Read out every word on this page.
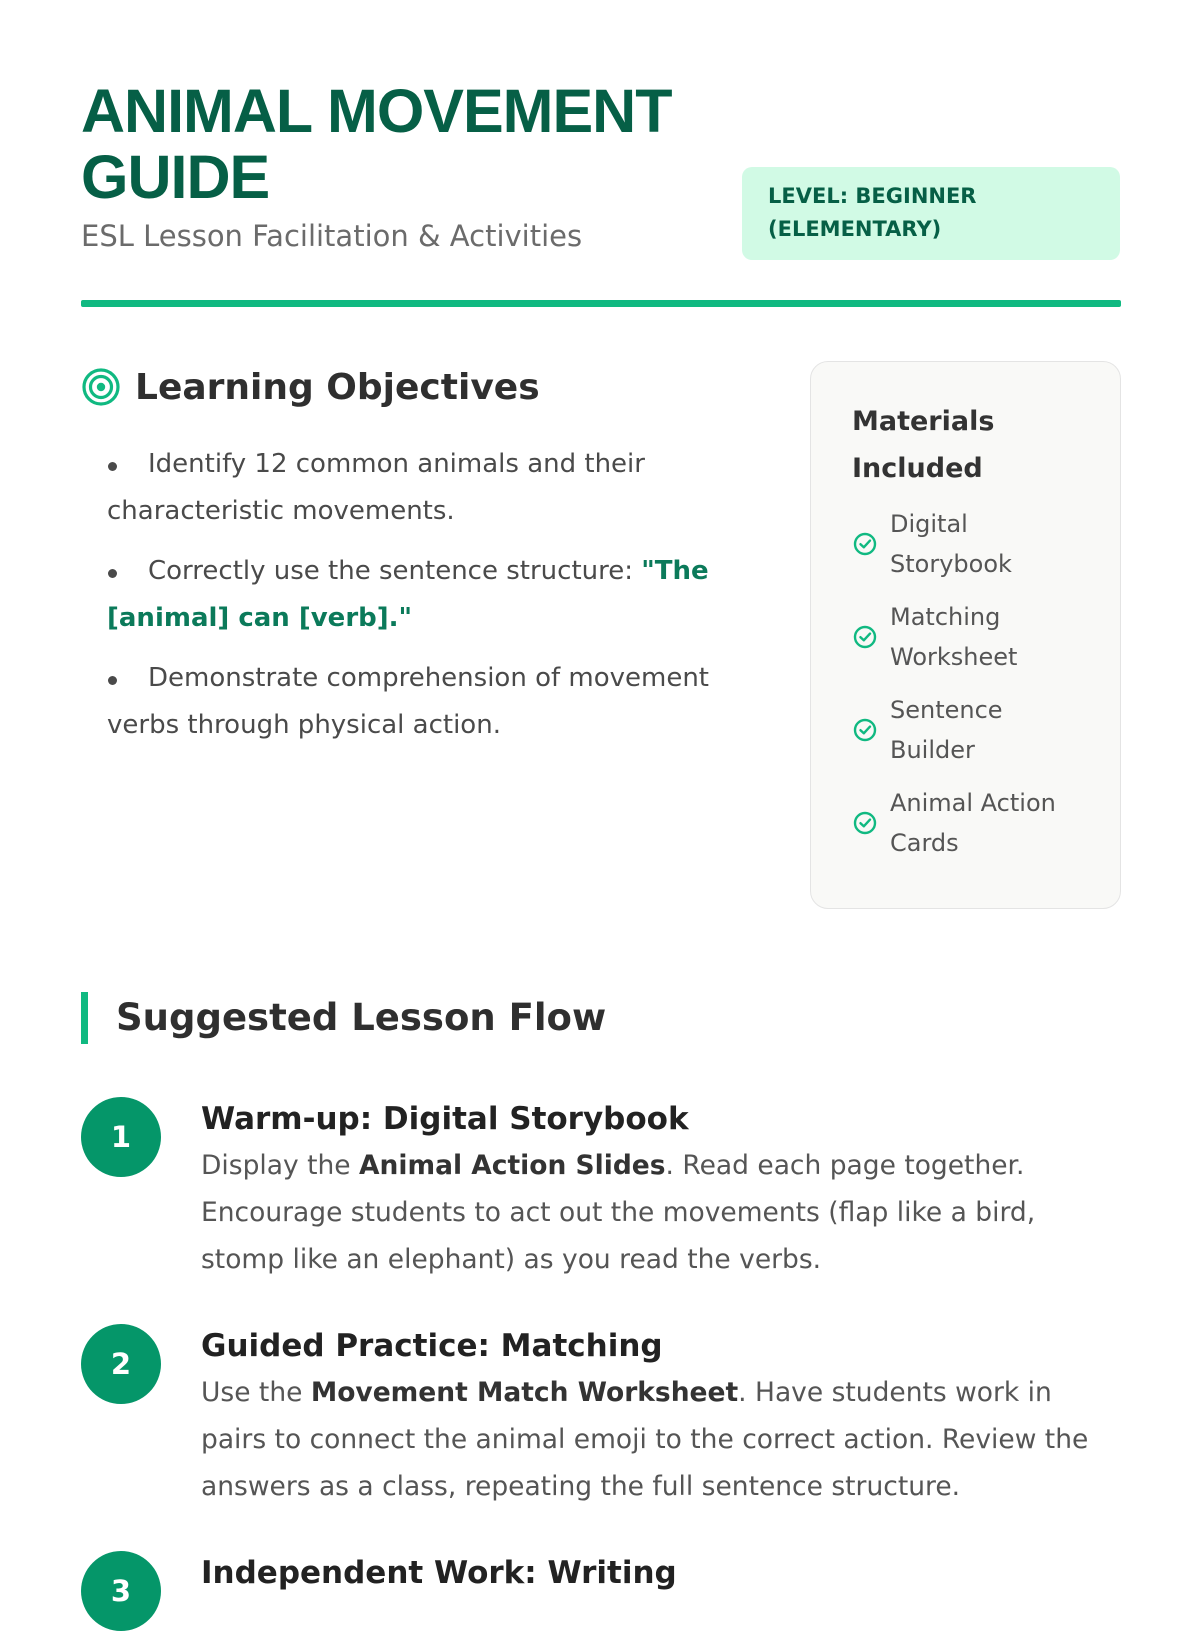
ANIMAL MOVEMENT GUIDE

ESL Lesson Facilitation & Activities

LEVEL: BEGINNER (ELEMENTARY)
Learning Objectives
Identify 12 common animals and their characteristic movements.
Correctly use the sentence structure: "The [animal] can [verb]."
Demonstrate comprehension of movement verbs through physical action.
Materials Included
Digital Storybook
Matching Worksheet
Sentence Builder
Animal Action Cards
Suggested Lesson Flow
1	Warm-up: Digital Storybook

Display the Animal Action Slides. Read each page together. Encourage students to act out the movements (flap like a bird, stomp like an elephant) as you read the verbs.

2	Guided Practice: Matching

Use the Movement Match Worksheet. Have students work in pairs to connect the animal emoji to the correct action. Review the answers as a class, repeating the full sentence structure.

3	Independent Work: Writing
